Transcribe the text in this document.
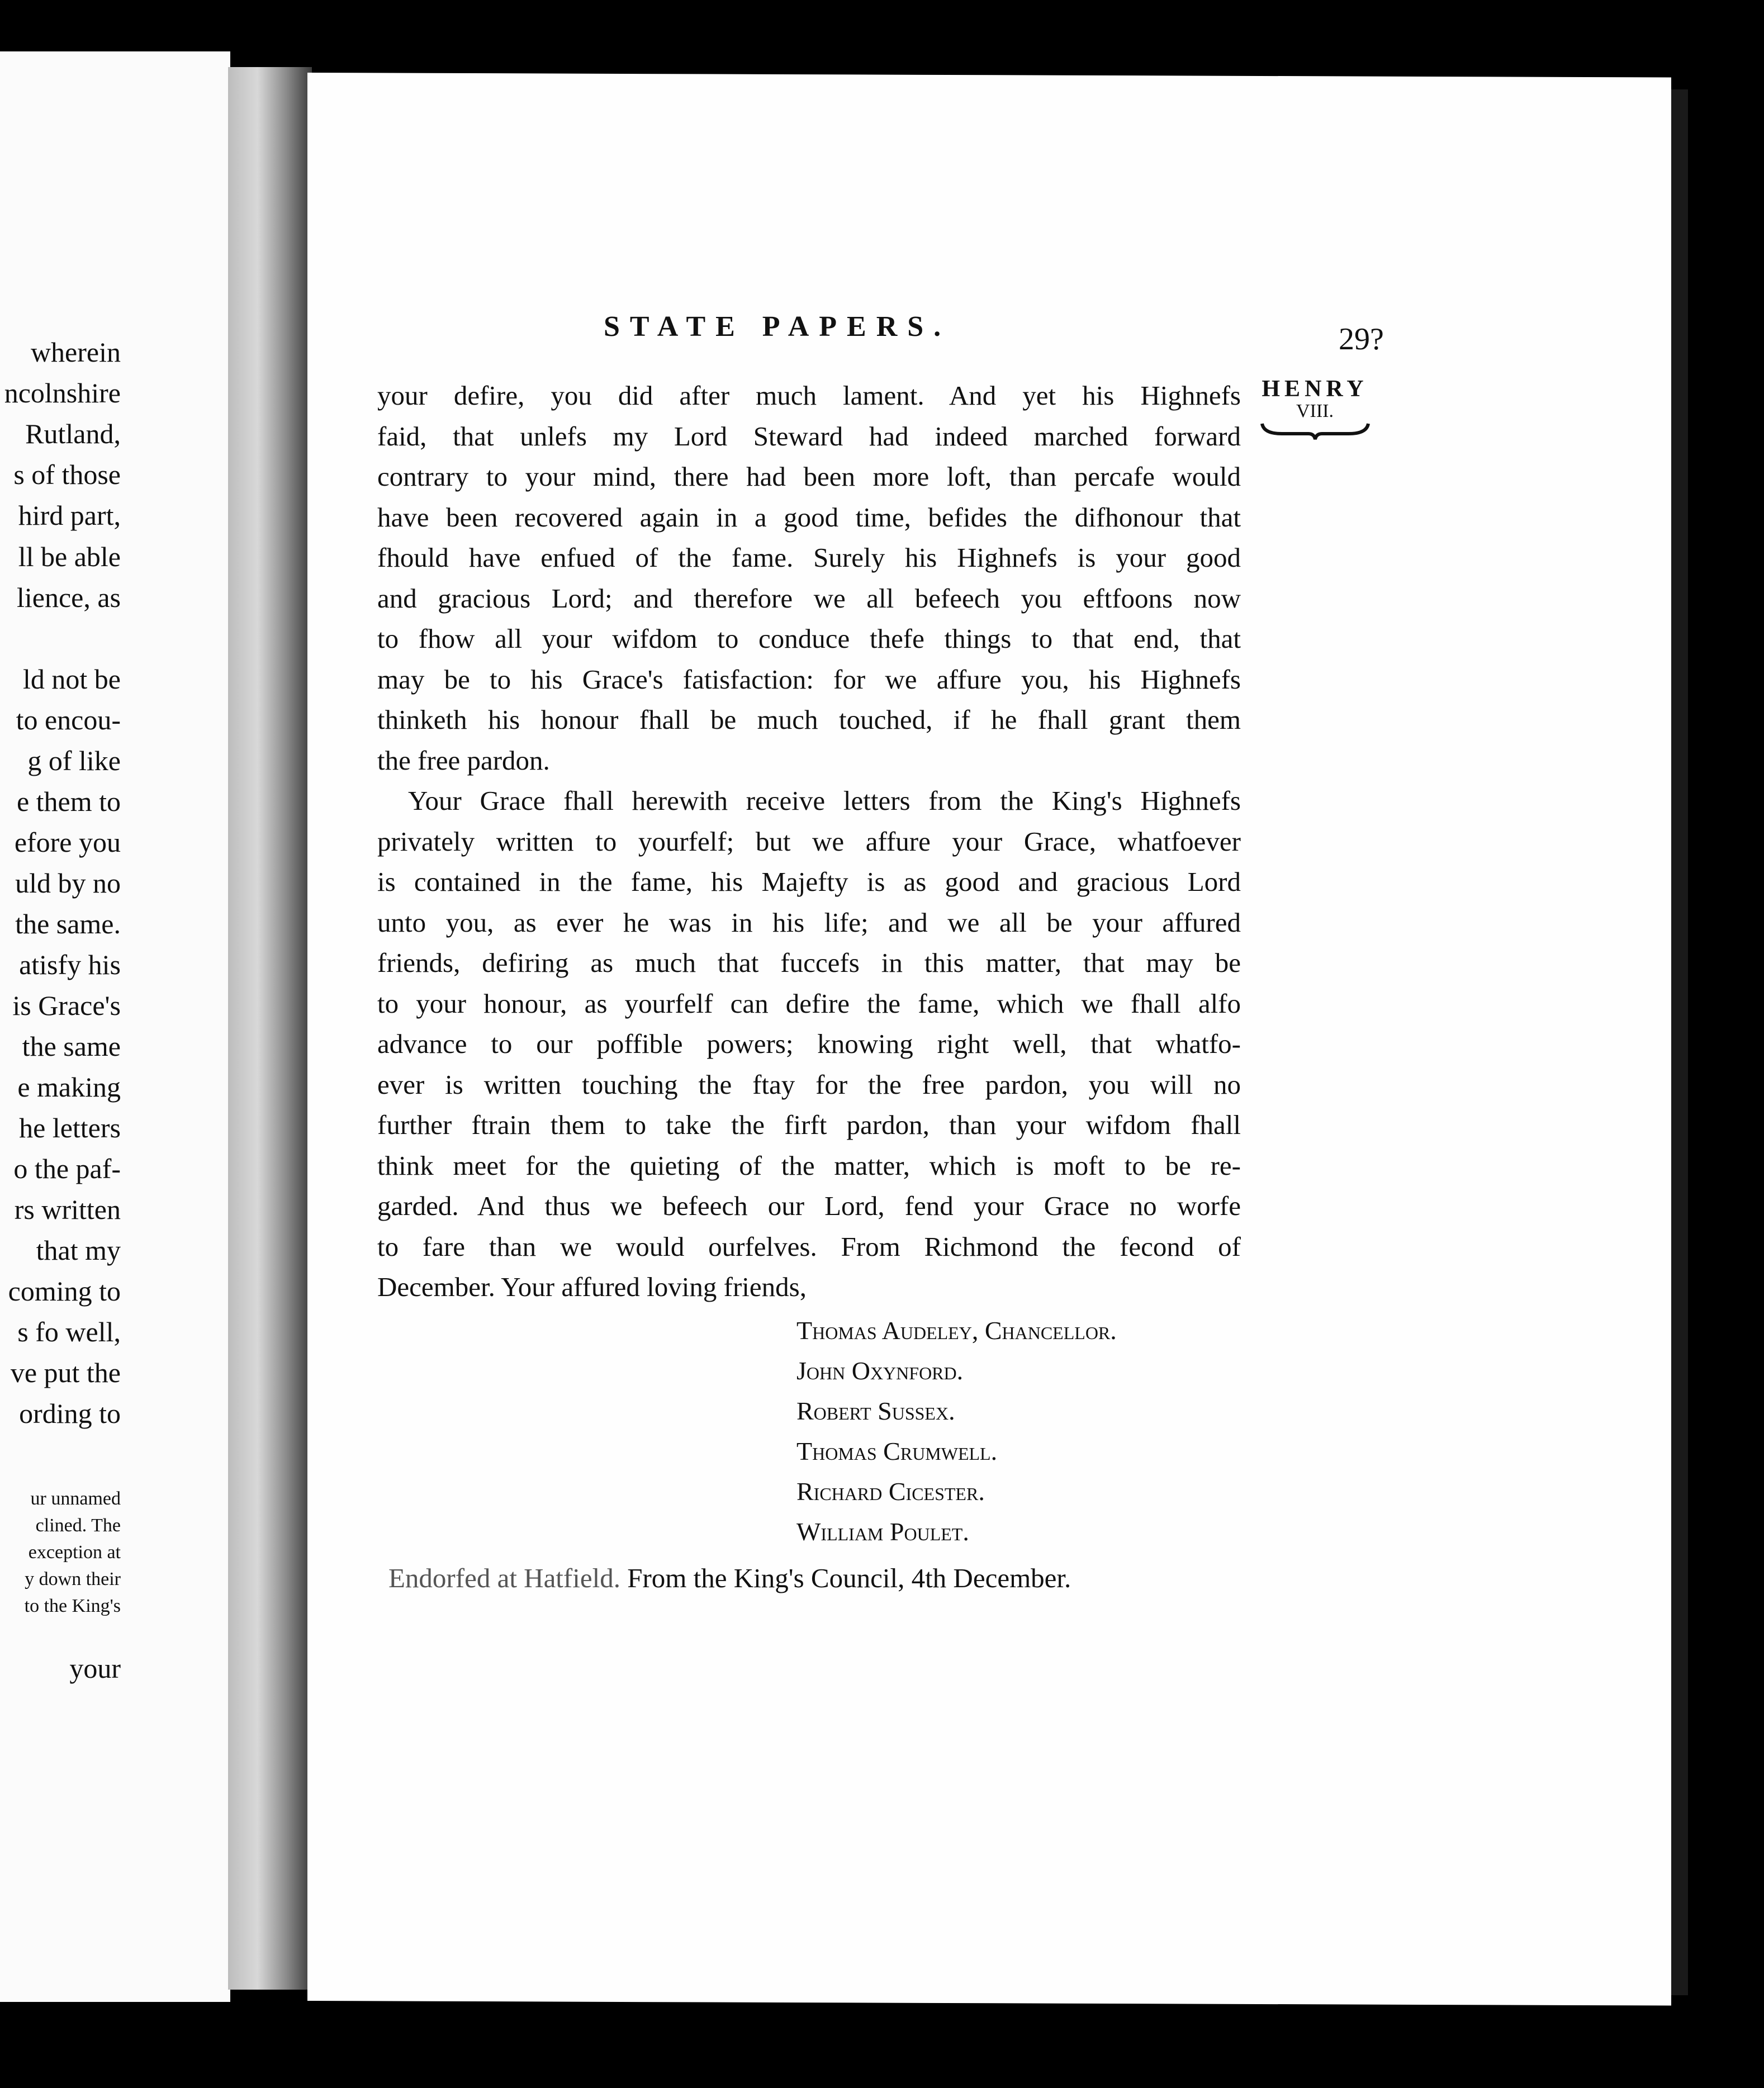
wherein
ncolnshire
Rutland,
s of those
hird part,
ll be able
lience, as
ld not be
to encou-
g of like
e them to
efore you
uld by no
the same.
atisfy his
is Grace's
the same
e making
he letters
o the paf-
rs written
that my
coming to
s fo well,
ve put the
ording to
ur unnamed
clined. The
exception at
y down their
to the King's
your
STATE PAPERS.	29?
HENRY
VIII.
your defire, you did after much lament. And yet his Highnefs
faid, that unlefs my Lord Steward had indeed marched forward
contrary to your mind, there had been more loft, than percafe would
have been recovered again in a good time, befides the difhonour that
fhould have enfued of the fame. Surely his Highnefs is your good
and gracious Lord; and therefore we all befeech you eftfoons now
to fhow all your wifdom to conduce thefe things to that end, that
may be to his Grace's fatisfaction: for we affure you, his Highnefs
thinketh his honour fhall be much touched, if he fhall grant them
the free pardon.
Your Grace fhall herewith receive letters from the King's Highnefs
privately written to yourfelf; but we affure your Grace, whatfoever
is contained in the fame, his Majefty is as good and gracious Lord
unto you, as ever he was in his life; and we all be your affured
friends, defiring as much that fuccefs in this matter, that may be
to your honour, as yourfelf can defire the fame, which we fhall alfo
advance to our poffible powers; knowing right well, that whatfo-
ever is written touching the ftay for the free pardon, you will no
further ftrain them to take the firft pardon, than your wifdom fhall
think meet for the quieting of the matter, which is moft to be re-
garded. And thus we befeech our Lord, fend your Grace no worfe
to fare than we would ourfelves. From Richmond the fecond of
December. Your affured loving friends,
Thomas Audeley, Chancellor.
John Oxynford.
Robert Sussex.
Thomas Crumwell.
Richard Cicester.
William Poulet.
Endorfed at Hatfield. From the King's Council, 4th December.
